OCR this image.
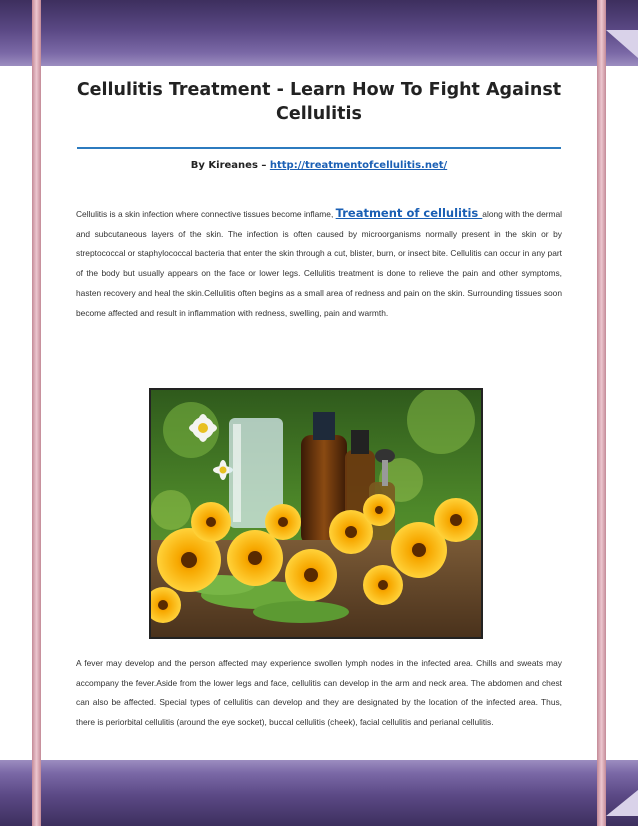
Cellulitis Treatment - Learn How To Fight Against Cellulitis
By Kireanes – http://treatmentofcellulitis.net/
Cellulitis is a skin infection where connective tissues become inflame, Treatment of cellulitis along with the dermal and subcutaneous layers of the skin. The infection is often caused by microorganisms normally present in the skin or by streptococcal or staphylococcal bacteria that enter the skin through a cut, blister, burn, or insect bite. Cellulitis can occur in any part of the body but usually appears on the face or lower legs. Cellulitis treatment is done to relieve the pain and other symptoms, hasten recovery and heal the skin.Cellulitis often begins as a small area of redness and pain on the skin. Surrounding tissues soon become affected and result in inflammation with redness, swelling, pain and warmth.
A fever may develop and the person affected may experience swollen lymph nodes in the infected area. Chills and sweats may accompany the fever.Aside from the lower legs and face, cellulitis can develop in the arm and neck area. The abdomen and chest can also be affected. Special types of cellulitis can develop and they are designated by the location of the infected area. Thus, there is periorbital cellulitis (around the eye socket), buccal cellulitis (cheek), facial cellulitis and perianal cellulitis.
